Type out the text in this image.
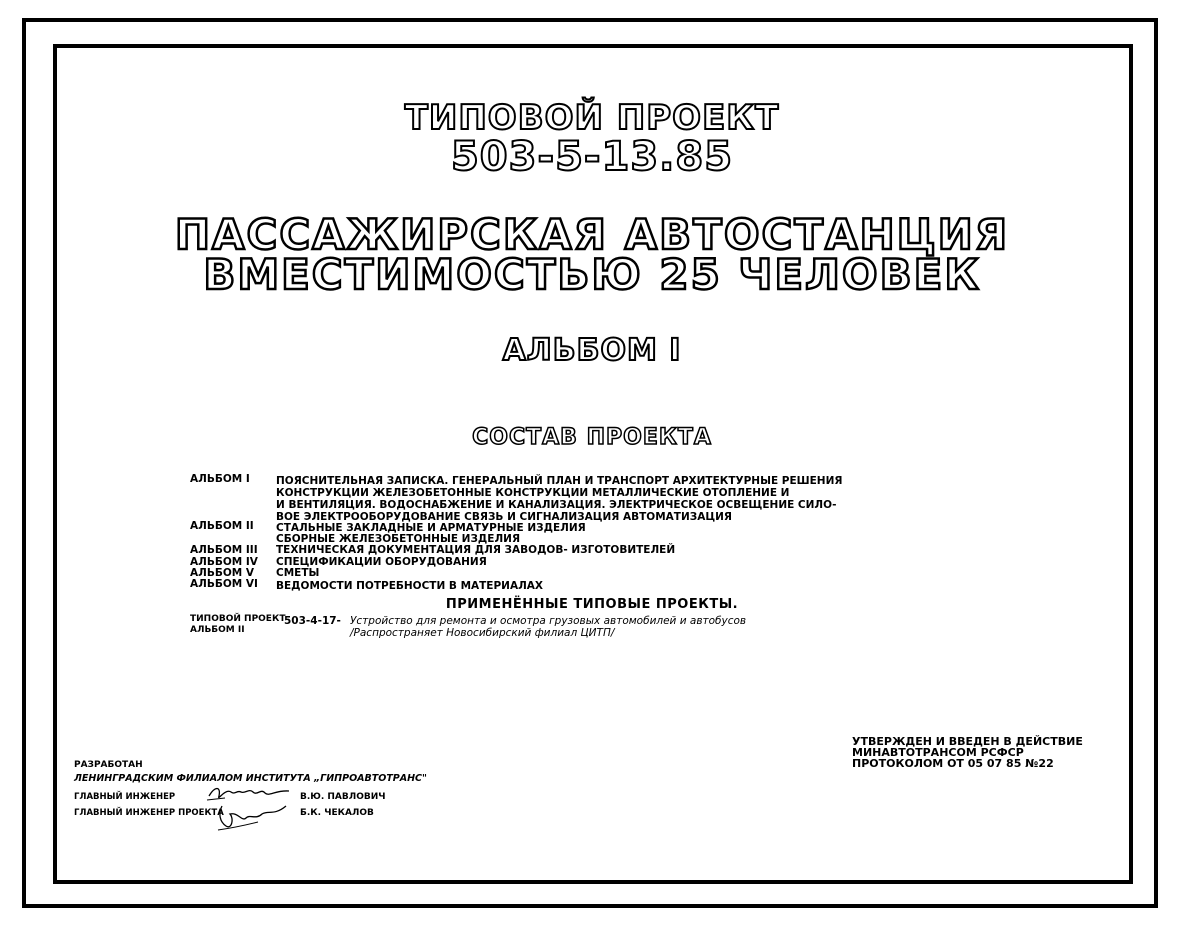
ТИПОВОЙ ПРОЕКТ
503-5-13.85
ПАССАЖИРСКАЯ АВТОСТАНЦИЯ
ВМЕСТИМОСТЬЮ 25 ЧЕЛОВЕК
АЛЬБОМ I
СОСТАВ ПРОЕКТА
АЛЬБОМ I ПОЯСНИТЕЛЬНАЯ ЗАПИСКА. ГЕНЕРАЛЬНЫЙ ПЛАН И ТРАНСПОРТ АРХИТЕКТУРНЫЕ РЕШЕНИЯ
КОНСТРУКЦИИ ЖЕЛЕЗОБЕТОННЫЕ КОНСТРУКЦИИ МЕТАЛЛИЧЕСКИЕ ОТОПЛЕНИЕ И
И ВЕНТИЛЯЦИЯ. ВОДОСНАБЖЕНИЕ И КАНАЛИЗАЦИЯ. ЭЛЕКТРИЧЕСКОЕ ОСВЕЩЕНИЕ СИЛО-
ВОЕ ЭЛЕКТРООБОРУДОВАНИЕ СВЯЗЬ И СИГНАЛИЗАЦИЯ АВТОМАТИЗАЦИЯ
АЛЬБОМ II СТАЛЬНЫЕ ЗАКЛАДНЫЕ И АРМАТУРНЫЕ ИЗДЕЛИЯ
СБОРНЫЕ ЖЕЛЕЗОБЕТОННЫЕ ИЗДЕЛИЯ
АЛЬБОМ III ТЕХНИЧЕСКАЯ ДОКУМЕНТАЦИЯ ДЛЯ ЗАВОДОВ- ИЗГОТОВИТЕЛЕЙ
АЛЬБОМ IV СПЕЦИФИКАЦИИ ОБОРУДОВАНИЯ
АЛЬБОМ V СМЕТЫ
АЛЬБОМ VI ВЕДОМОСТИ ПОТРЕБНОСТИ В МАТЕРИАЛАХ
ПРИМЕНЁННЫЕ ТИПОВЫЕ ПРОЕКТЫ.
ТИПОВОЙ ПРОЕКТ
АЛЬБОМ II
503-4-17- Устройство для ремонта и осмотра грузовых автомобилей и автобусов
/Распространяет Новосибирский филиал ЦИТП/
УТВЕРЖДЕН И ВВЕДЕН В ДЕЙСТВИЕ
МИНАВТОТРАНСОМ РСФСР
ПРОТОКОЛОМ ОТ 05 07 85 №22
РАЗРАБОТАН
ЛЕНИНГРАДСКИМ ФИЛИАЛОМ ИНСТИТУТА „ГИПРОАВТОТРАНС"
ГЛАВНЫЙ ИНЖЕНЕР	В.Ю. ПАВЛОВИЧ
ГЛАВНЫЙ ИНЖЕНЕР ПРОЕКТА	Б.К. ЧЕКАЛОВ
